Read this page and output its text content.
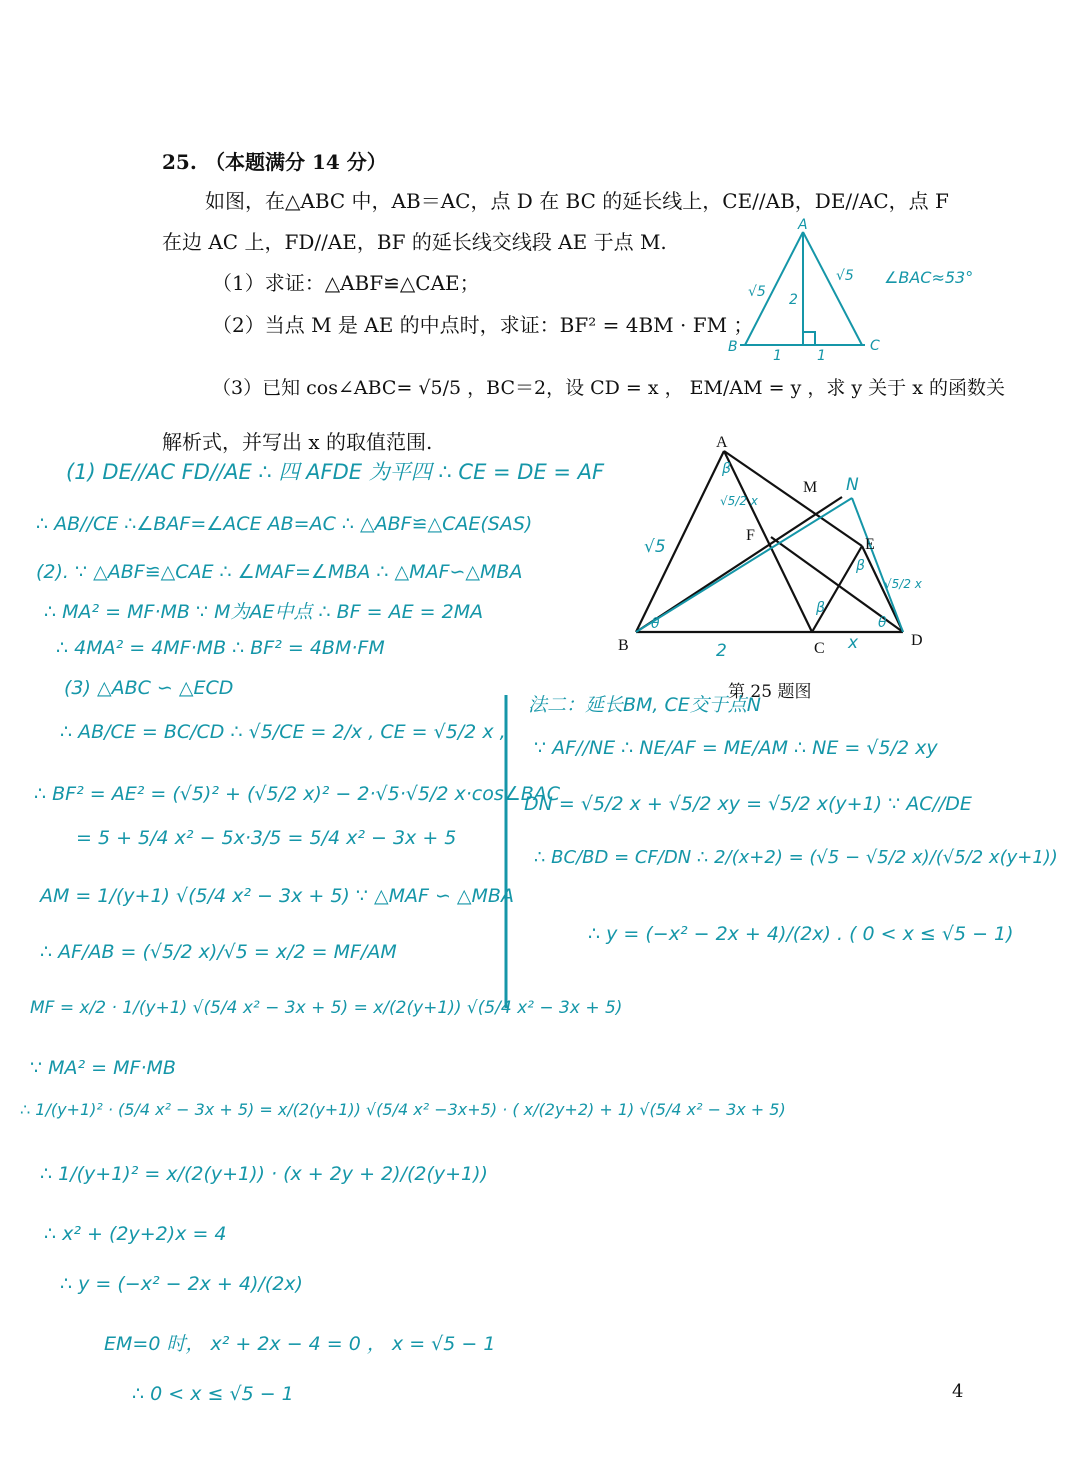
25. （本题满分 14 分）
如图，在△ABC 中，AB＝AC，点 D 在 BC 的延长线上，CE//AB，DE//AC，点 F
在边 AC 上，FD//AE，BF 的延长线交线段 AE 于点 M.
（1）求证：△ABF≌△CAE；
（2）当点 M 是 AE 的中点时，求证：BF² = 4BM · FM ；
（3）已知 cos∠ABC= √5/5 ，BC＝2，设 CD = x ， EM/AM = y ，求 y 关于 x 的函数关
解析式，并写出 x 的取值范围.
第 25 题图
4
A
B	C
√5
√5
2
1	1
∠BAC≈53°
A
B	C	D
E
F
M N
√5
2	x
β
β
β
θ	θ
√5/2 x
√5/2 x
(1) DE//AC FD//AE ∴ 四 AFDE 为平四 ∴ CE = DE = AF
∴ AB//CE ∴∠BAF=∠ACE AB=AC ∴ △ABF≌△CAE(SAS)
(2). ∵ △ABF≌△CAE ∴ ∠MAF=∠MBA ∴ △MAF∽△MBA
∴ MA² = MF·MB ∵ M为AE中点 ∴ BF = AE = 2MA
∴ 4MA² = 4MF·MB ∴ BF² = 4BM·FM
(3) △ABC ∽ △ECD
∴ AB/CE = BC/CD ∴ √5/CE = 2/x , CE = √5/2 x ,
∴ BF² = AE² = (√5)² + (√5/2 x)² − 2·√5·√5/2 x·cos∠BAC
= 5 + 5/4 x² − 5x·3/5 = 5/4 x² − 3x + 5
AM = 1/(y+1) √(5/4 x² − 3x + 5) ∵ △MAF ∽ △MBA
∴ AF/AB = (√5/2 x)/√5 = x/2 = MF/AM
MF = x/2 · 1/(y+1) √(5/4 x² − 3x + 5) = x/(2(y+1)) √(5/4 x² − 3x + 5)
∵ MA² = MF·MB
∴ 1/(y+1)² · (5/4 x² − 3x + 5) = x/(2(y+1)) √(5/4 x² −3x+5) · ( x/(2y+2) + 1) √(5/4 x² − 3x + 5)
∴ 1/(y+1)² = x/(2(y+1)) · (x + 2y + 2)/(2(y+1))
∴ x² + (2y+2)x = 4
∴ y = (−x² − 2x + 4)/(2x)
EM=0 时， x² + 2x − 4 = 0 ， x = √5 − 1
∴ 0 < x ≤ √5 − 1
法二：延长BM, CE交于点N
∵ AF//NE ∴ NE/AF = ME/AM ∴ NE = √5/2 xy
DN = √5/2 x + √5/2 xy = √5/2 x(y+1) ∵ AC//DE
∴ BC/BD = CF/DN ∴ 2/(x+2) = (√5 − √5/2 x)/(√5/2 x(y+1))
∴ y = (−x² − 2x + 4)/(2x) . ( 0 < x ≤ √5 − 1)
